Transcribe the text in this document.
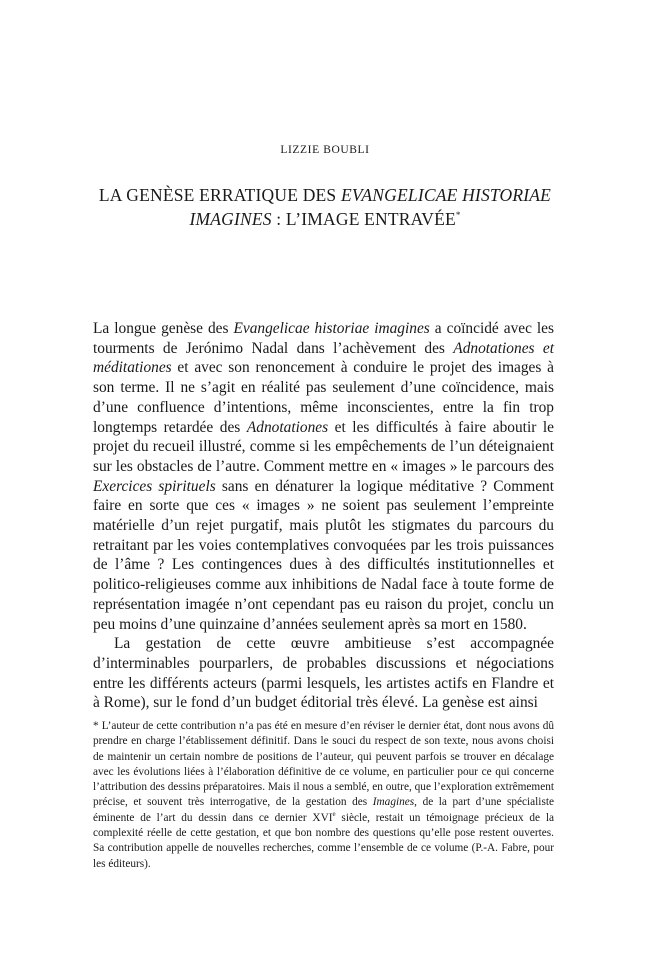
LIZZIE BOUBLI
LA GENÈSE ERRATIQUE DES EVANGELICAE HISTORIAE
IMAGINES : L’IMAGE ENTRAVÉE*

La longue genèse des Evangelicae historiae imagines a coïncidé avec les tourments de Jerónimo Nadal dans l’achèvement des Adnotationes et méditationes et avec son renoncement à conduire le projet des images à son terme. Il ne s’agit en réalité pas seulement d’une coïncidence, mais d’une confluence d’intentions, même inconscientes, entre la fin trop longtemps retardée des Adnotationes et les difficultés à faire aboutir le projet du recueil illustré, comme si les empêchements de l’un déteignaient sur les obstacles de l’autre. Comment mettre en « images » le parcours des Exercices spirituels sans en dénaturer la logique méditative ? Comment faire en sorte que ces « images » ne soient pas seulement l’empreinte matérielle d’un rejet purgatif, mais plutôt les stigmates du parcours du retraitant par les voies contemplatives convoquées par les trois puissances de l’âme ? Les contingences dues à des difficultés institutionnelles et politico-religieuses comme aux inhibitions de Nadal face à toute forme de représentation imagée n’ont cependant pas eu raison du projet, conclu un peu moins d’une quinzaine d’années seulement après sa mort en 1580.

La gestation de cette œuvre ambitieuse s’est accompagnée d’interminables pourparlers, de probables discussions et négociations entre les différents acteurs (parmi lesquels, les artistes actifs en Flandre et à Rome), sur le fond d’un budget éditorial très élevé. La genèse est ainsi

* L’auteur de cette contribution n’a pas été en mesure d’en réviser le dernier état, dont nous avons dû prendre en charge l’établissement définitif. Dans le souci du respect de son texte, nous avons choisi de maintenir un certain nombre de positions de l’auteur, qui peuvent parfois se trouver en décalage avec les évolutions liées à l’élaboration définitive de ce volume, en particulier pour ce qui concerne l’attribution des dessins préparatoires. Mais il nous a semblé, en outre, que l’exploration extrêmement précise, et souvent très interrogative, de la gestation des Imagines, de la part d’une spécialiste éminente de l’art du dessin dans ce dernier XVIe siècle, restait un témoignage précieux de la complexité réelle de cette gestation, et que bon nombre des questions qu’elle pose restent ouvertes. Sa contribution appelle de nouvelles recherches, comme l’ensemble de ce volume (P.-A. Fabre, pour les éditeurs).
